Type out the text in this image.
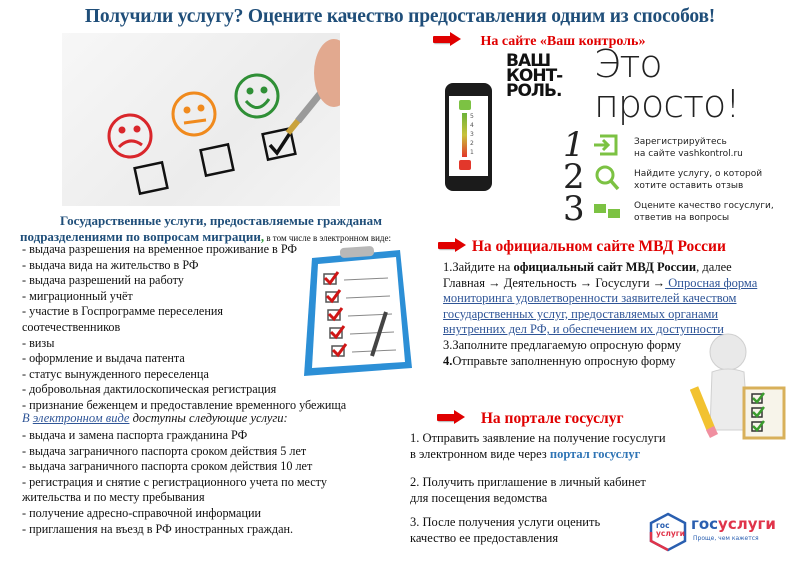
Получили услугу? Оцените качество предоставления одним из способов!
Государственные услуги, предоставляемые гражданам
подразделениями по вопросам миграции, в том числе в электронном виде:
- выдача разрешения на временное проживание в РФ
- выдача вида на жительство в РФ
- выдача разрешений на работу
- миграционный учёт
- участие в Госпрограмме переселения
соотечественников
- визы
- оформление и выдача патента
- статус вынужденного переселенца
- добровольная дактилоскопическая регистрация
- признание беженцем и предоставление временного убежища
В электронном виде доступны следующие услуги:
- выдача и замена паспорта гражданина РФ
- выдача заграничного паспорта сроком действия 5 лет
- выдача заграничного паспорта сроком действия 10 лет
- регистрация и снятие с регистрационного учета по месту
жительства и по месту пребывания
- получение адресно-справочной информации
- приглашения на въезд в РФ иностранных граждан.
На сайте «Ваш контроль»
ВАШ
КОНТ-
РОЛЬ.
Это
просто!
5
4
3
2
1	1	Зарегистрируйтесь
на сайте vashkontrol.ru
2	Найдите услугу, о которой
хотите оставить отзыв
3	Оцените качество госуслуги,
ответив на вопросы
На официальном сайте МВД России
1.Зайдите на официальный сайт МВД России, далее
Главная → Деятельность → Госуслуги → Опросная форма мониторинга удовлетворенности заявителей качеством государственных услуг, предоставляемых органами внутренних дел РФ, и обеспечением их доступности
3.Заполните предлагаемую опросную форму
4.Отправьте заполненную опросную форму
На портале госуслуг
1. Отправить заявление на получение госуслуги
в электронном виде через портал госуслуг
2. Получить приглашение в личный кабинет
для посещения ведомства
3. После получения услуги оценить
качество ее предоставления
гос
услуги
госуслуги
Проще, чем кажется
